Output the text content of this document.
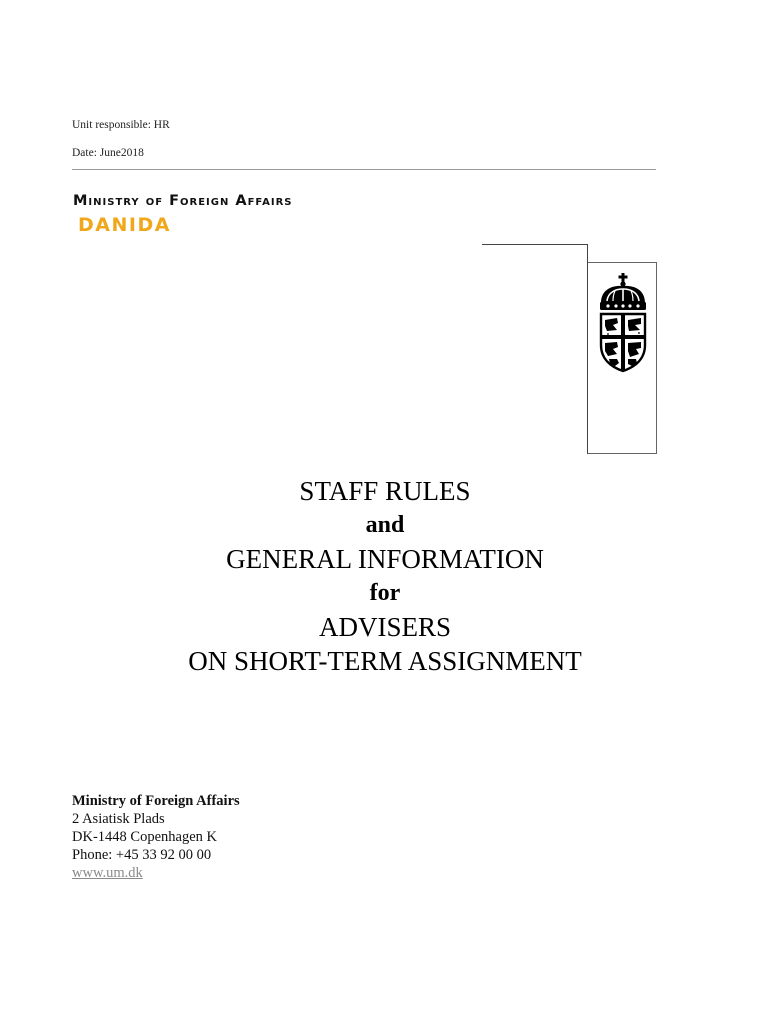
Unit responsible: HR
Date: June2018
Ministry of Foreign Affairs
DANIDA
STAFF RULES
and
GENERAL INFORMATION
for
ADVISERS
ON SHORT-TERM ASSIGNMENT
Ministry of Foreign Affairs
2 Asiatisk Plads
DK-1448 Copenhagen K
Phone: +45 33 92 00 00
www.um.dk
